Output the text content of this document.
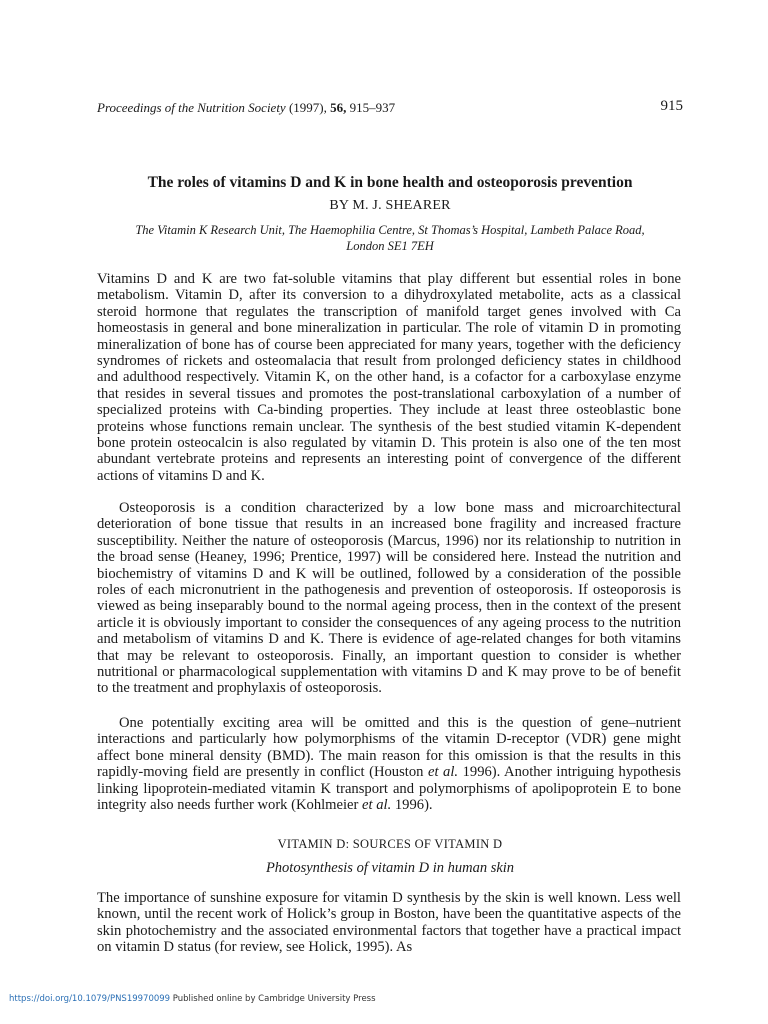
Proceedings of the Nutrition Society (1997), 56, 915–937	915
The roles of vitamins D and K in bone health and osteoporosis prevention
BY M. J. SHEARER
The Vitamin K Research Unit, The Haemophilia Centre, St Thomas’s Hospital, Lambeth Palace Road,
London SE1 7EH

Vitamins D and K are two fat-soluble vitamins that play different but essential roles in bone metabolism. Vitamin D, after its conversion to a dihydroxylated metabolite, acts as a classical steroid hormone that regulates the transcription of manifold target genes involved with Ca homeostasis in general and bone mineralization in particular. The role of vitamin D in promoting mineralization of bone has of course been appreciated for many years, together with the deficiency syndromes of rickets and osteomalacia that result from prolonged deficiency states in childhood and adulthood respectively. Vitamin K, on the other hand, is a cofactor for a carboxylase enzyme that resides in several tissues and promotes the post-translational carboxylation of a number of specialized proteins with Ca-binding properties. They include at least three osteoblastic bone proteins whose functions remain unclear. The synthesis of the best studied vitamin K-dependent bone protein osteocalcin is also regulated by vitamin D. This protein is also one of the ten most abundant vertebrate proteins and represents an interesting point of convergence of the different actions of vitamins D and K.

Osteoporosis is a condition characterized by a low bone mass and microarchitectural deterioration of bone tissue that results in an increased bone fragility and increased fracture susceptibility. Neither the nature of osteoporosis (Marcus, 1996) nor its relationship to nutrition in the broad sense (Heaney, 1996; Prentice, 1997) will be considered here. Instead the nutrition and biochemistry of vitamins D and K will be outlined, followed by a consideration of the possible roles of each micronutrient in the pathogenesis and prevention of osteoporosis. If osteoporosis is viewed as being inseparably bound to the normal ageing process, then in the context of the present article it is obviously important to consider the consequences of any ageing process to the nutrition and metabolism of vitamins D and K. There is evidence of age-related changes for both vitamins that may be relevant to osteoporosis. Finally, an important question to consider is whether nutritional or pharmacological supplementation with vitamins D and K may prove to be of benefit to the treatment and prophylaxis of osteoporosis.

One potentially exciting area will be omitted and this is the question of gene–nutrient interactions and particularly how polymorphisms of the vitamin D-receptor (VDR) gene might affect bone mineral density (BMD). The main reason for this omission is that the results in this rapidly-moving field are presently in conflict (Houston et al. 1996). Another intriguing hypothesis linking lipoprotein-mediated vitamin K transport and polymorphisms of apolipoprotein E to bone integrity also needs further work (Kohlmeier et al. 1996).

VITAMIN D: SOURCES OF VITAMIN D
Photosynthesis of vitamin D in human skin

The importance of sunshine exposure for vitamin D synthesis by the skin is well known. Less well known, until the recent work of Holick’s group in Boston, have been the quantitative aspects of the skin photochemistry and the associated environmental factors that together have a practical impact on vitamin D status (for review, see Holick, 1995). As

https://doi.org/10.1079/PNS19970099 Published online by Cambridge University Press
